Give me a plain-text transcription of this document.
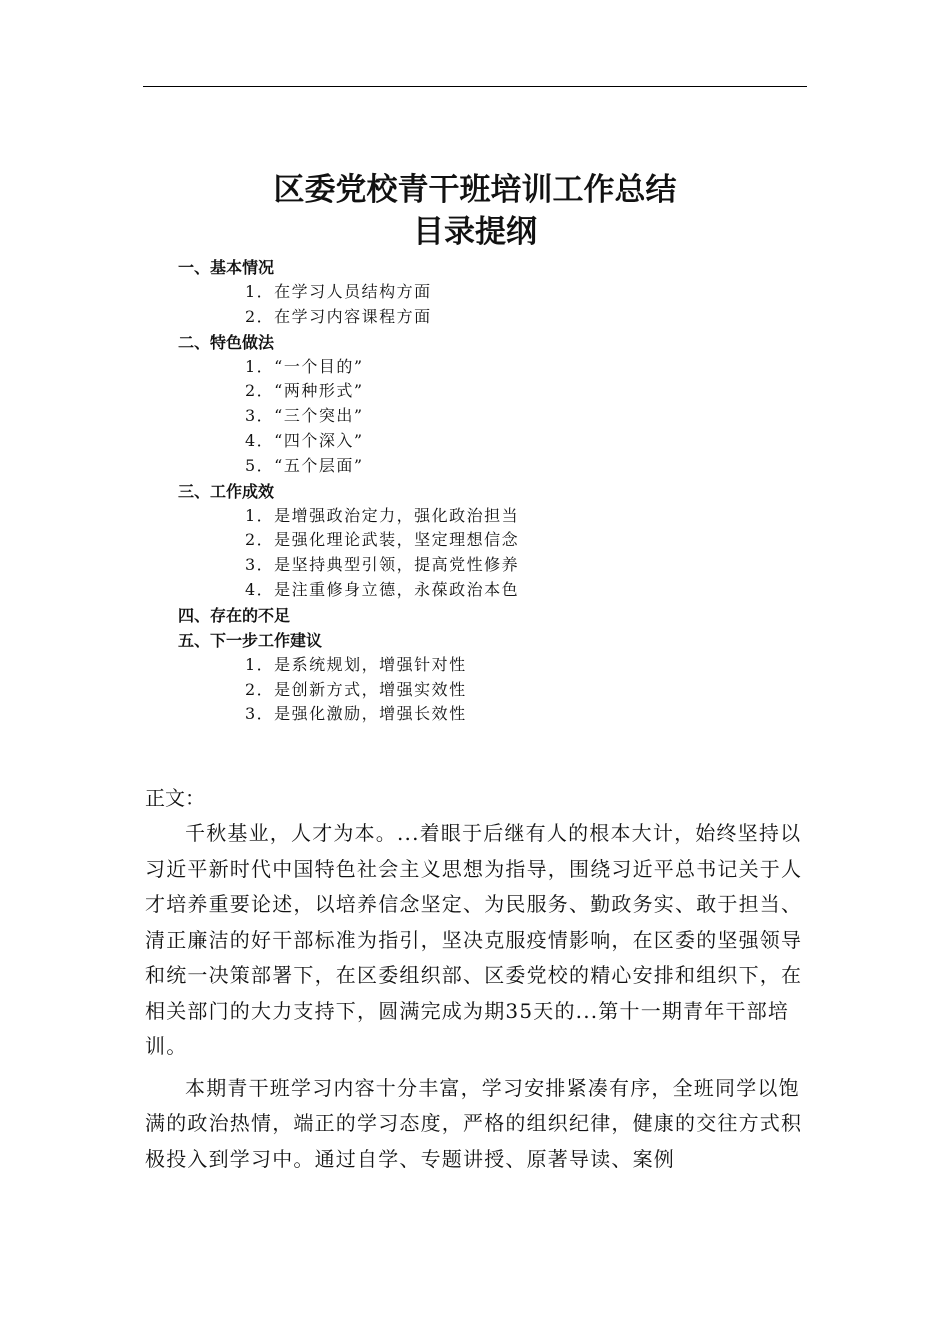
区委党校青干班培训工作总结
目录提纲
一、基本情况
1．在学习人员结构方面
2．在学习内容课程方面
二、特色做法
1．“一个目的”
2．“两种形式”
3．“三个突出”
4．“四个深入”
5．“五个层面”
三、工作成效
1．是增强政治定力，强化政治担当
2．是强化理论武装，坚定理想信念
3．是坚持典型引领，提高党性修养
4．是注重修身立德，永葆政治本色
四、存在的不足
五、下一步工作建议
1．是系统规划，增强针对性
2．是创新方式，增强实效性
3．是强化激励，增强长效性
正文：

千秋基业，人才为本。...着眼于后继有人的根本大计，始终坚持以习近平新时代中国特色社会主义思想为指导，围绕习近平总书记关于人才培养重要论述，以培养信念坚定、为民服务、勤政务实、敢于担当、清正廉洁的好干部标准为指引，坚决克服疫情影响，在区委的坚强领导和统一决策部署下，在区委组织部、区委党校的精心安排和组织下，在相关部门的大力支持下，圆满完成为期35天的...第十一期青年干部培训。

本期青干班学习内容十分丰富，学习安排紧凑有序，全班同学以饱满的政治热情，端正的学习态度，严格的组织纪律，健康的交往方式积极投入到学习中。通过自学、专题讲授、原著导读、案例
